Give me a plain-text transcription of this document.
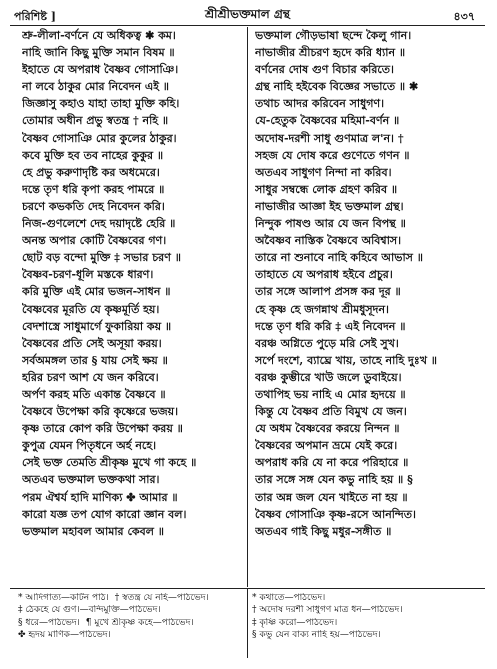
পরিশিষ্ট ]	শ্রীশ্রীভক্তমাল গ্রন্থ	৪৩৭
শ্রু-লীলা-বর্ণনে যে অধিকত্ব ✱ কম।
নাহি জানি কিছু মুক্তি সমান বিষম ॥
ইহাতে যে অপরাধ বৈষ্ণব গোসাঞি।
না লবে ঠাকুর মোর নিবেদন এই ॥
জিজ্ঞাসু কহাও যাহা তাহা মুক্তি কহি।
তোমার অধীন প্রভু স্বতন্ত্র † নহি ॥
বৈষ্ণব গোসাঞি মোর কুলের ঠাকুর।
কবে মুক্তি হব তব নাহের কুকুর ॥
হে প্রভু করুণাদৃষ্টি কর অধমেরে।
দন্তে তৃণ ধরি কৃপা করহ পামরে ॥
চরণে কভকতি দেহ নিবেদন করি।
নিজ-গুণলেশে দেহ দয়াদৃষ্টে হেরি ॥
অনন্ত অপার কোটি বৈষ্ণবের গণ।
ছোট বড় বন্দো মুক্তি ‡ সভার চরণ ॥
বৈষ্ণব-চরণ-ধূলি মস্তকে ধারণ।
করি মুক্তি এই মোর ভজন-সাধন ॥
বৈষ্ণবের মূরতি যে কৃষ্ণমূর্তি হয়।
বেদশাস্ত্রে সাধুমার্গে ফুকারিয়া কয় ॥
বৈষ্ণবের প্রতি সেই অসূয়া করয়।
সর্বঅমঙ্গল তার § যায় সেই ক্ষয় ॥
হরির চরণ আশ যে জন করিবে।
অর্পণ করহ মতি একান্ত বৈষ্ণবে ॥
বৈষ্ণবে উপেক্ষা করি কৃষ্ণেরে ভজয়।
কৃষ্ণ তারে কোপ করি উপেক্ষা করয় ॥
কুপুত্র যেমন পিতৃধনে অর্হ নহে।
সেই ভক্ত তেমতি শ্রীকৃষ্ণ মুখে গা কহে ॥
অতএব ভক্তমাল ভক্তকথা সার।
পরম ঐশ্বর্য হাদি মাণিক্য ✤ আমার ॥
কারো যজ্ঞ তপ যোগ কারো জ্ঞান বল।
ভক্তমাল মহাবল আমার কেবল ॥
ভক্তমাল গৌড়ভাষা ছন্দে কৈলু গান।
নাভাজীর শ্রীচরণ হৃদে করি ধ্যান ॥
বর্ণনের দোষ গুণ বিচার করিতে।
গ্রন্থ নাহি হইবেক বিজ্ঞের সভাতে ॥ ✱
তথাচ আদর করিবেন সাধুগণ।
যে-হেতুক বৈষ্ণবের মহিমা-বর্ণন ॥
অদোষ-দরশী সাধু গুণমাত্র ল'ন। †
সহজ যে দোষ করে গুণেতে গণন ॥
অতএব সাধুগণ নিন্দা না করিব।
সাধুর সম্বন্ধে লোক গ্রহণ করিব ॥
নাভাজীর আজ্ঞা ইহ ভক্তমাল গ্রন্থ।
নিন্দুক পাষণ্ড আর যে জন বিপন্থ ॥
অবৈষ্ণব নাস্তিক বৈষ্ণবে অবিশ্বাস।
তারে না শুনাবে নাহি কহিবে আভাস ॥
তাহাতে যে অপরাধ হইবে প্রচুর।
তার সঙ্গে আলাপ প্রসঙ্গ কর দূর ॥
হে কৃষ্ণ হে জগন্নাথ শ্রীমধুসূদন।
দন্তে তৃণ ধরি করি ‡ এই নিবেদন ॥
বরঞ্চ অগ্নিতে পুড়ে মরি সেই সুখ।
সর্পে দংশে, ব্যাঘ্রে খায়, তাহে নাহি দুঃখ ॥
বরঞ্চ কুম্ভীরে খাউ জলে ডুবাইয়ে।
তথাপিহ ভয় নাহি এ মোর হৃদয়ে ॥
কিন্তু যে বৈষ্ণব প্রতি বিমুখ যে জন।
যে অধম বৈষ্ণবের করয়ে নিন্দন ॥
বৈষ্ণবের অপমান ভ্রমে যেই করে।
অপরাধ করি যে না করে পরিহারে ॥
তার সঙ্গে সঙ্গ যেন কভু নাহি হয় ॥ §
তার অন্ন জল যেন খাইতে না হয় ॥
বৈষ্ণব গোসাঞি কৃষ্ণ-রসে আনন্দিত।
অতএব গাই কিছু মধুর-সঙ্গীত ॥
* আদিগাত্য—কটিন পাঠ। † স্বতন্ত্র যে নহি—পাঠভেদ।
‡ ঠেকহে যে গুণ।—বন্দিমুক্তি—পাঠভেদ।
§ ধরে—পাঠভেদ। ¶ মুখে শ্রীকৃষ্ণ কহে—পাঠভেদ।
✤ হৃদয় মাণিক—পাঠভেদ।
* কথাতে—পাঠভেদ।
† অদোষ দরশী সাধুগণ মাত্র ধন—পাঠভেদ।
‡ কৃষ্ণি করো—পাঠভেদ।
§ কভু যেন বাক্য নাহি হয়—পাঠভেদ।
